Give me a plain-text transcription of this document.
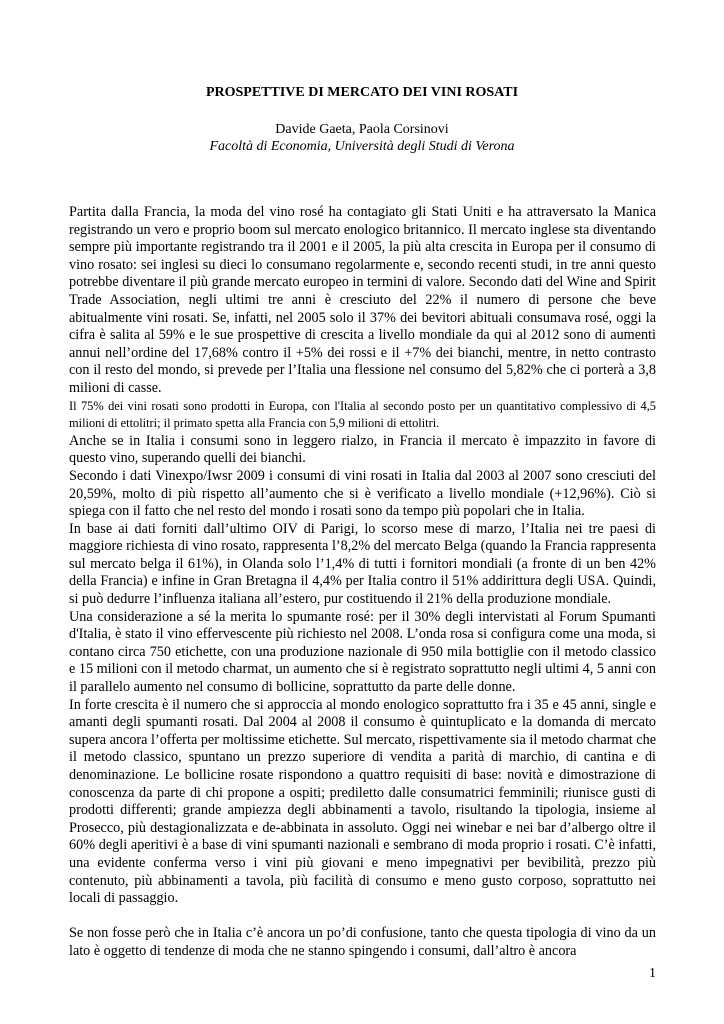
PROSPETTIVE DI MERCATO DEI VINI ROSATI
Davide Gaeta, Paola Corsinovi
Facoltà di Economia, Università degli Studi di Verona

Partita dalla Francia, la moda del vino rosé ha contagiato gli Stati Uniti e ha attraversato la Manica registrando un vero e proprio boom sul mercato enologico britannico. Il mercato inglese sta diventando sempre più importante registrando tra il 2001 e il 2005, la più alta crescita in Europa per il consumo di vino rosato: sei inglesi su dieci lo consumano regolarmente e, secondo recenti studi, in tre anni questo potrebbe diventare il più grande mercato europeo in termini di valore. Secondo dati del Wine and Spirit Trade Association, negli ultimi tre anni è cresciuto del 22% il numero di persone che beve abitualmente vini rosati. Se, infatti, nel 2005 solo il 37% dei bevitori abituali consumava rosé, oggi la cifra è salita al 59% e le sue prospettive di crescita a livello mondiale da qui al 2012 sono di aumenti annui nell’ordine del 17,68% contro il +5% dei rossi e il +7% dei bianchi, mentre, in netto contrasto con il resto del mondo, si prevede per l’Italia una flessione nel consumo del 5,82% che ci porterà a 3,8 milioni di casse.

Il 75% dei vini rosati sono prodotti in Europa, con l'Italia al secondo posto per un quantitativo complessivo di 4,5 milioni di ettolitri; il primato spetta alla Francia con 5,9 milioni di ettolitri.

Anche se in Italia i consumi sono in leggero rialzo, in Francia il mercato è impazzito in favore di questo vino, superando quelli dei bianchi.

Secondo i dati Vinexpo/Iwsr 2009 i consumi di vini rosati in Italia dal 2003 al 2007 sono cresciuti del 20,59%, molto di più rispetto all’aumento che si è verificato a livello mondiale (+12,96%). Ciò si spiega con il fatto che nel resto del mondo i rosati sono da tempo più popolari che in Italia.

In base ai dati forniti dall’ultimo OIV di Parigi, lo scorso mese di marzo, l’Italia nei tre paesi di maggiore richiesta di vino rosato, rappresenta l’8,2% del mercato Belga (quando la Francia rappresenta sul mercato belga il 61%), in Olanda solo l’1,4% di tutti i fornitori mondiali (a fronte di un ben 42% della Francia) e infine in Gran Bretagna il 4,4% per Italia contro il 51% addirittura degli USA. Quindi, si può dedurre l’influenza italiana all’estero, pur costituendo il 21% della produzione mondiale.

Una considerazione a sé la merita lo spumante rosé: per il 30% degli intervistati al Forum Spumanti d'Italia, è stato il vino effervescente più richiesto nel 2008. L’onda rosa si configura come una moda, si contano circa 750 etichette, con una produzione nazionale di 950 mila bottiglie con il metodo classico e 15 milioni con il metodo charmat, un aumento che si è registrato soprattutto negli ultimi 4, 5 anni con il parallelo aumento nel consumo di bollicine, soprattutto da parte delle donne.

In forte crescita è il numero che si approccia al mondo enologico soprattutto fra i 35 e 45 anni, single e amanti degli spumanti rosati. Dal 2004 al 2008 il consumo è quintuplicato e la domanda di mercato supera ancora l’offerta per moltissime etichette. Sul mercato, rispettivamente sia il metodo charmat che il metodo classico, spuntano un prezzo superiore di vendita a parità di marchio, di cantina e di denominazione. Le bollicine rosate rispondono a quattro requisiti di base: novità e dimostrazione di conoscenza da parte di chi propone a ospiti; prediletto dalle consumatrici femminili; riunisce gusti di prodotti differenti; grande ampiezza degli abbinamenti a tavolo, risultando la tipologia, insieme al Prosecco, più destagionalizzata e de-abbinata in assoluto. Oggi nei winebar e nei bar d’albergo oltre il 60% degli aperitivi è a base di vini spumanti nazionali e sembrano di moda proprio i rosati. C’è infatti, una evidente conferma verso i vini più giovani e meno impegnativi per bevibilità, prezzo più contenuto, più abbinamenti a tavola, più facilità di consumo e meno gusto corposo, soprattutto nei locali di passaggio.

Se non fosse però che in Italia c’è ancora un po’di confusione, tanto che questa tipologia di vino da un lato è oggetto di tendenze di moda che ne stanno spingendo i consumi, dall’altro è ancora

1
